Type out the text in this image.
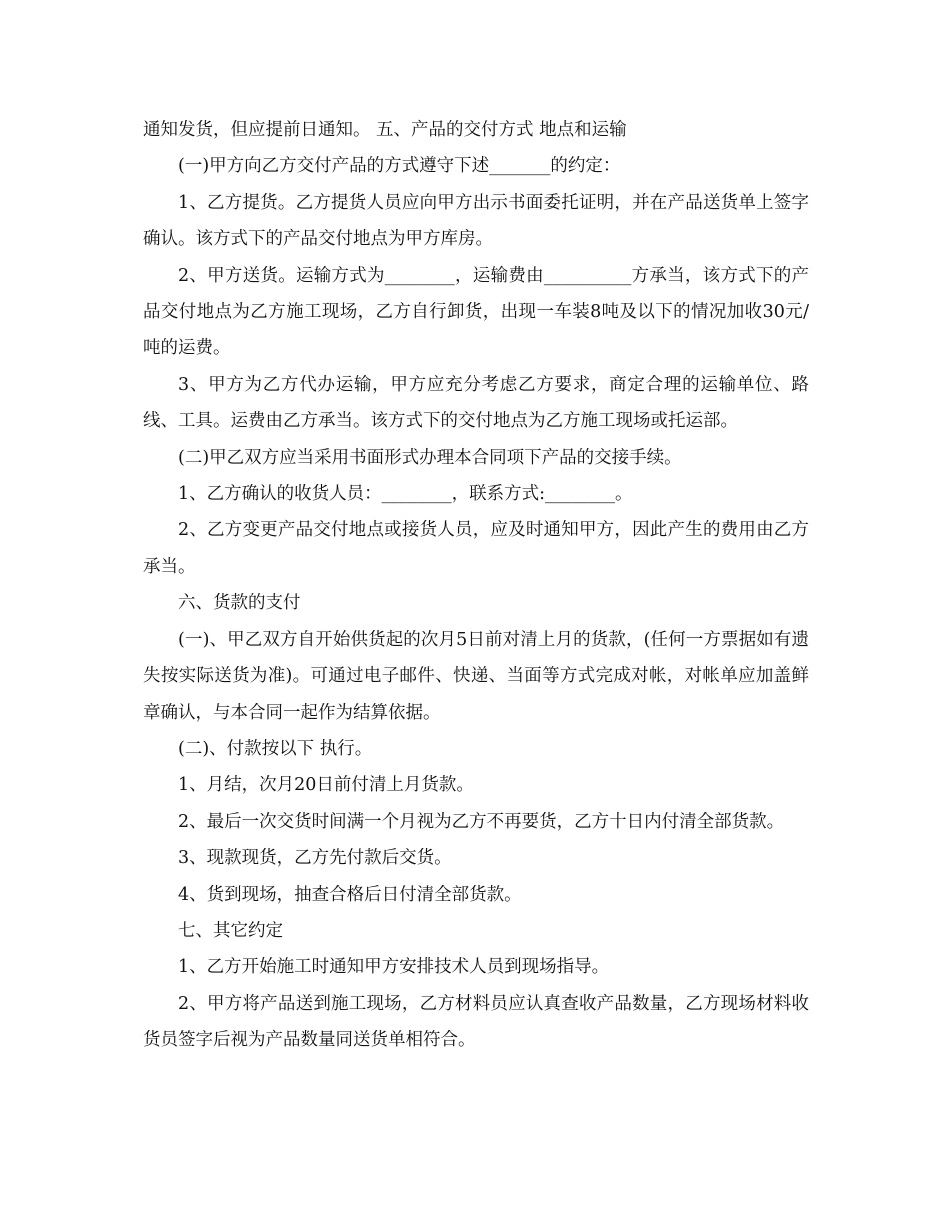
通知发货，但应提前日通知。 五、产品的交付方式 地点和运输

(一)甲方向乙方交付产品的方式遵守下述_______的约定：

1、乙方提货。乙方提货人员应向甲方出示书面委托证明，并在产品送货单上签字确认。该方式下的产品交付地点为甲方库房。

2、甲方送货。运输方式为________，运输费由__________方承当，该方式下的产品交付地点为乙方施工现场，乙方自行卸货，出现一车装8吨及以下的情况加收30元/吨的运费。

3、甲方为乙方代办运输，甲方应充分考虑乙方要求，商定合理的运输单位、路线、工具。运费由乙方承当。该方式下的交付地点为乙方施工现场或托运部。

(二)甲乙双方应当采用书面形式办理本合同项下产品的交接手续。

1、乙方确认的收货人员：________，联系方式:________。

2、乙方变更产品交付地点或接货人员，应及时通知甲方，因此产生的费用由乙方承当。

六、货款的支付

(一)、甲乙双方自开始供货起的次月5日前对清上月的货款，(任何一方票据如有遗失按实际送货为准)。可通过电子邮件、快递、当面等方式完成对帐，对帐单应加盖鲜章确认，与本合同一起作为结算依据。

(二)、付款按以下 执行。

1、月结，次月20日前付清上月货款。

2、最后一次交货时间满一个月视为乙方不再要货，乙方十日内付清全部货款。

3、现款现货，乙方先付款后交货。

4、货到现场，抽查合格后日付清全部货款。

七、其它约定

1、乙方开始施工时通知甲方安排技术人员到现场指导。

2、甲方将产品送到施工现场，乙方材料员应认真查收产品数量，乙方现场材料收货员签字后视为产品数量同送货单相符合。
